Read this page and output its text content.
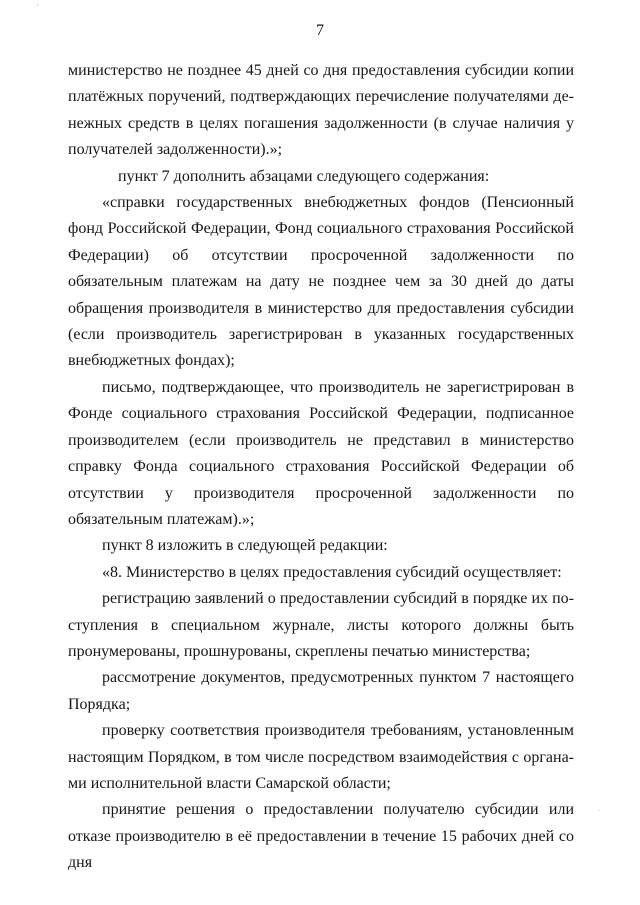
'
7

министерство не позднее 45 дней со дня предоставления субсидии копии платёжных поручений, подтверждающих перечисление получателями денежных средств в целях погашения задолженности (в случае наличия у получателей задолженности).»;

пункт 7 дополнить абзацами следующего содержания:

«справки государственных внебюджетных фондов (Пенсионный фонд Российской Федерации, Фонд социального страхования Российской Федерации) об отсутствии просроченной задолженности по обязательным платежам на дату не позднее чем за 30 дней до даты обращения производителя в министерство для предоставления субсидии (если производитель зарегистрирован в указанных государственных внебюджетных фондах);

письмо, подтверждающее, что производитель не зарегистрирован в Фонде социального страхования Российской Федерации, подписанное производителем (если производитель не представил в министерство справку Фонда социального страхования Российской Федерации об отсутствии у производителя просроченной задолженности по обязательным платежам).»;

пункт 8 изложить в следующей редакции:

«8. Министерство в целях предоставления субсидий осуществляет:

регистрацию заявлений о предоставлении субсидий в порядке их поступления в специальном журнале, листы которого должны быть пронумерованы, прошнурованы, скреплены печатью министерства;

рассмотрение документов, предусмотренных пунктом 7 настоящего Порядка;

проверку соответствия производителя требованиям, установленным настоящим Порядком, в том числе посредством взаимодействия с органами исполнительной власти Самарской области;

принятие решения о предоставлении получателю субсидии или отказе производителю в её предоставлении в течение 15 рабочих дней со дня

·
